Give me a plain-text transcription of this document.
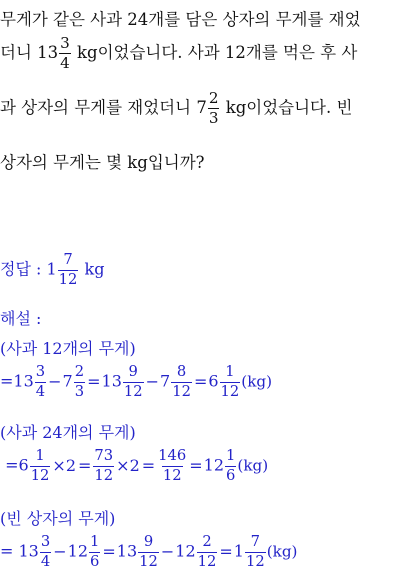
무게가 같은 사과 24개를 담은 상자의 무게를 재었
더니 $13 \frac{3}{4}$ kg이었습니다. 사과 12개를 먹은 후 사
과 상자의 무게를 재었더니 $7 \frac{2}{3}$ kg이었습니다. 빈
상자의 무게는 몇 kg입니까?
정답 : $1 \frac{7}{12}$ kg
해설 :
(사과 12개의 무게)
$=13 \frac{3}{4} -7 \frac{2}{3} =13 \frac{9}{12} -7 \frac{8}{12} =6 \frac{1}{12} (kg)$
(사과 24개의 무게)
$=6 \frac{1}{12} \times 2 = \frac{73}{12} \times 2 = \frac{146}{12} =12 \frac{1}{6} (kg)$
(빈 상자의 무게)
= $13 \frac{3}{4} -12 \frac{1}{6} =13 \frac{9}{12} -12 \frac{2}{12} =1 \frac{7}{12} (kg)$
